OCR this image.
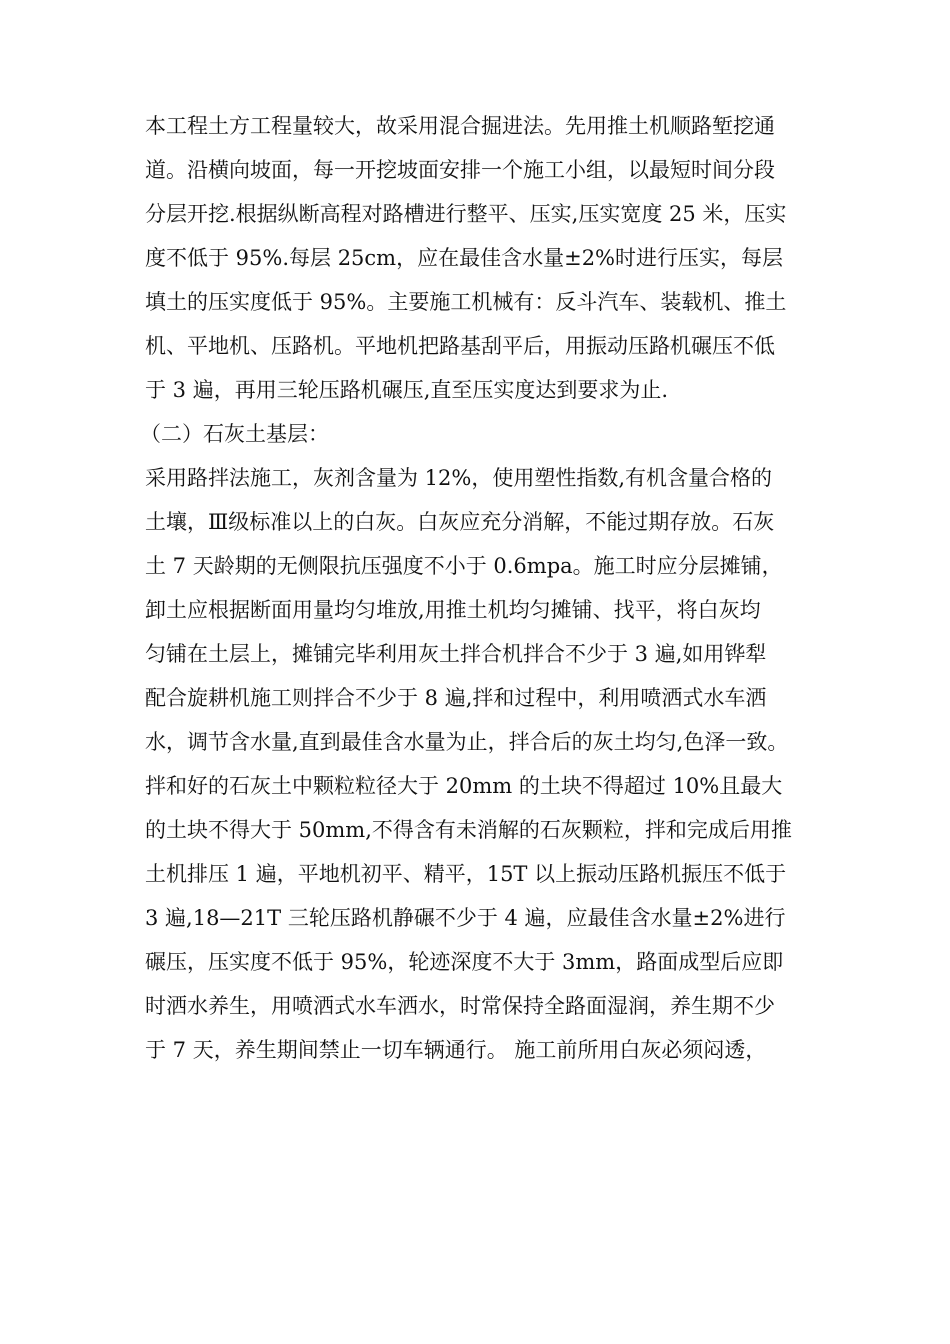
本工程土方工程量较大，故采用混合掘进法。先用推土机顺路堑挖通
道。沿横向坡面，每一开挖坡面安排一个施工小组，以最短时间分段
分层开挖.根据纵断高程对路槽进行整平、压实,压实宽度 25 米，压实
度不低于 95%.每层 25cm，应在最佳含水量±2%时进行压实，每层
填土的压实度低于 95%。主要施工机械有：反斗汽车、装载机、推土
机、平地机、压路机。平地机把路基刮平后，用振动压路机碾压不低
于 3 遍，再用三轮压路机碾压,直至压实度达到要求为止.
（二）石灰土基层：
采用路拌法施工，灰剂含量为 12%，使用塑性指数,有机含量合格的
土壤，Ⅲ级标准以上的白灰。白灰应充分消解，不能过期存放。石灰
土 7 天龄期的无侧限抗压强度不小于 0.6mpa。施工时应分层摊铺，
卸土应根据断面用量均匀堆放,用推土机均匀摊铺、找平，将白灰均
匀铺在土层上，摊铺完毕利用灰土拌合机拌合不少于 3 遍,如用铧犁
配合旋耕机施工则拌合不少于 8 遍,拌和过程中，利用喷洒式水车洒
水，调节含水量,直到最佳含水量为止，拌合后的灰土均匀,色泽一致。
拌和好的石灰土中颗粒粒径大于 20mm 的土块不得超过 10%且最大
的土块不得大于 50mm,不得含有未消解的石灰颗粒，拌和完成后用推
土机排压 1 遍，平地机初平、精平，15T 以上振动压路机振压不低于
3 遍,18—21T 三轮压路机静碾不少于 4 遍，应最佳含水量±2%进行
碾压，压实度不低于 95%，轮迹深度不大于 3mm，路面成型后应即
时洒水养生，用喷洒式水车洒水，时常保持全路面湿润，养生期不少
于 7 天，养生期间禁止一切车辆通行。 施工前所用白灰必须闷透，
